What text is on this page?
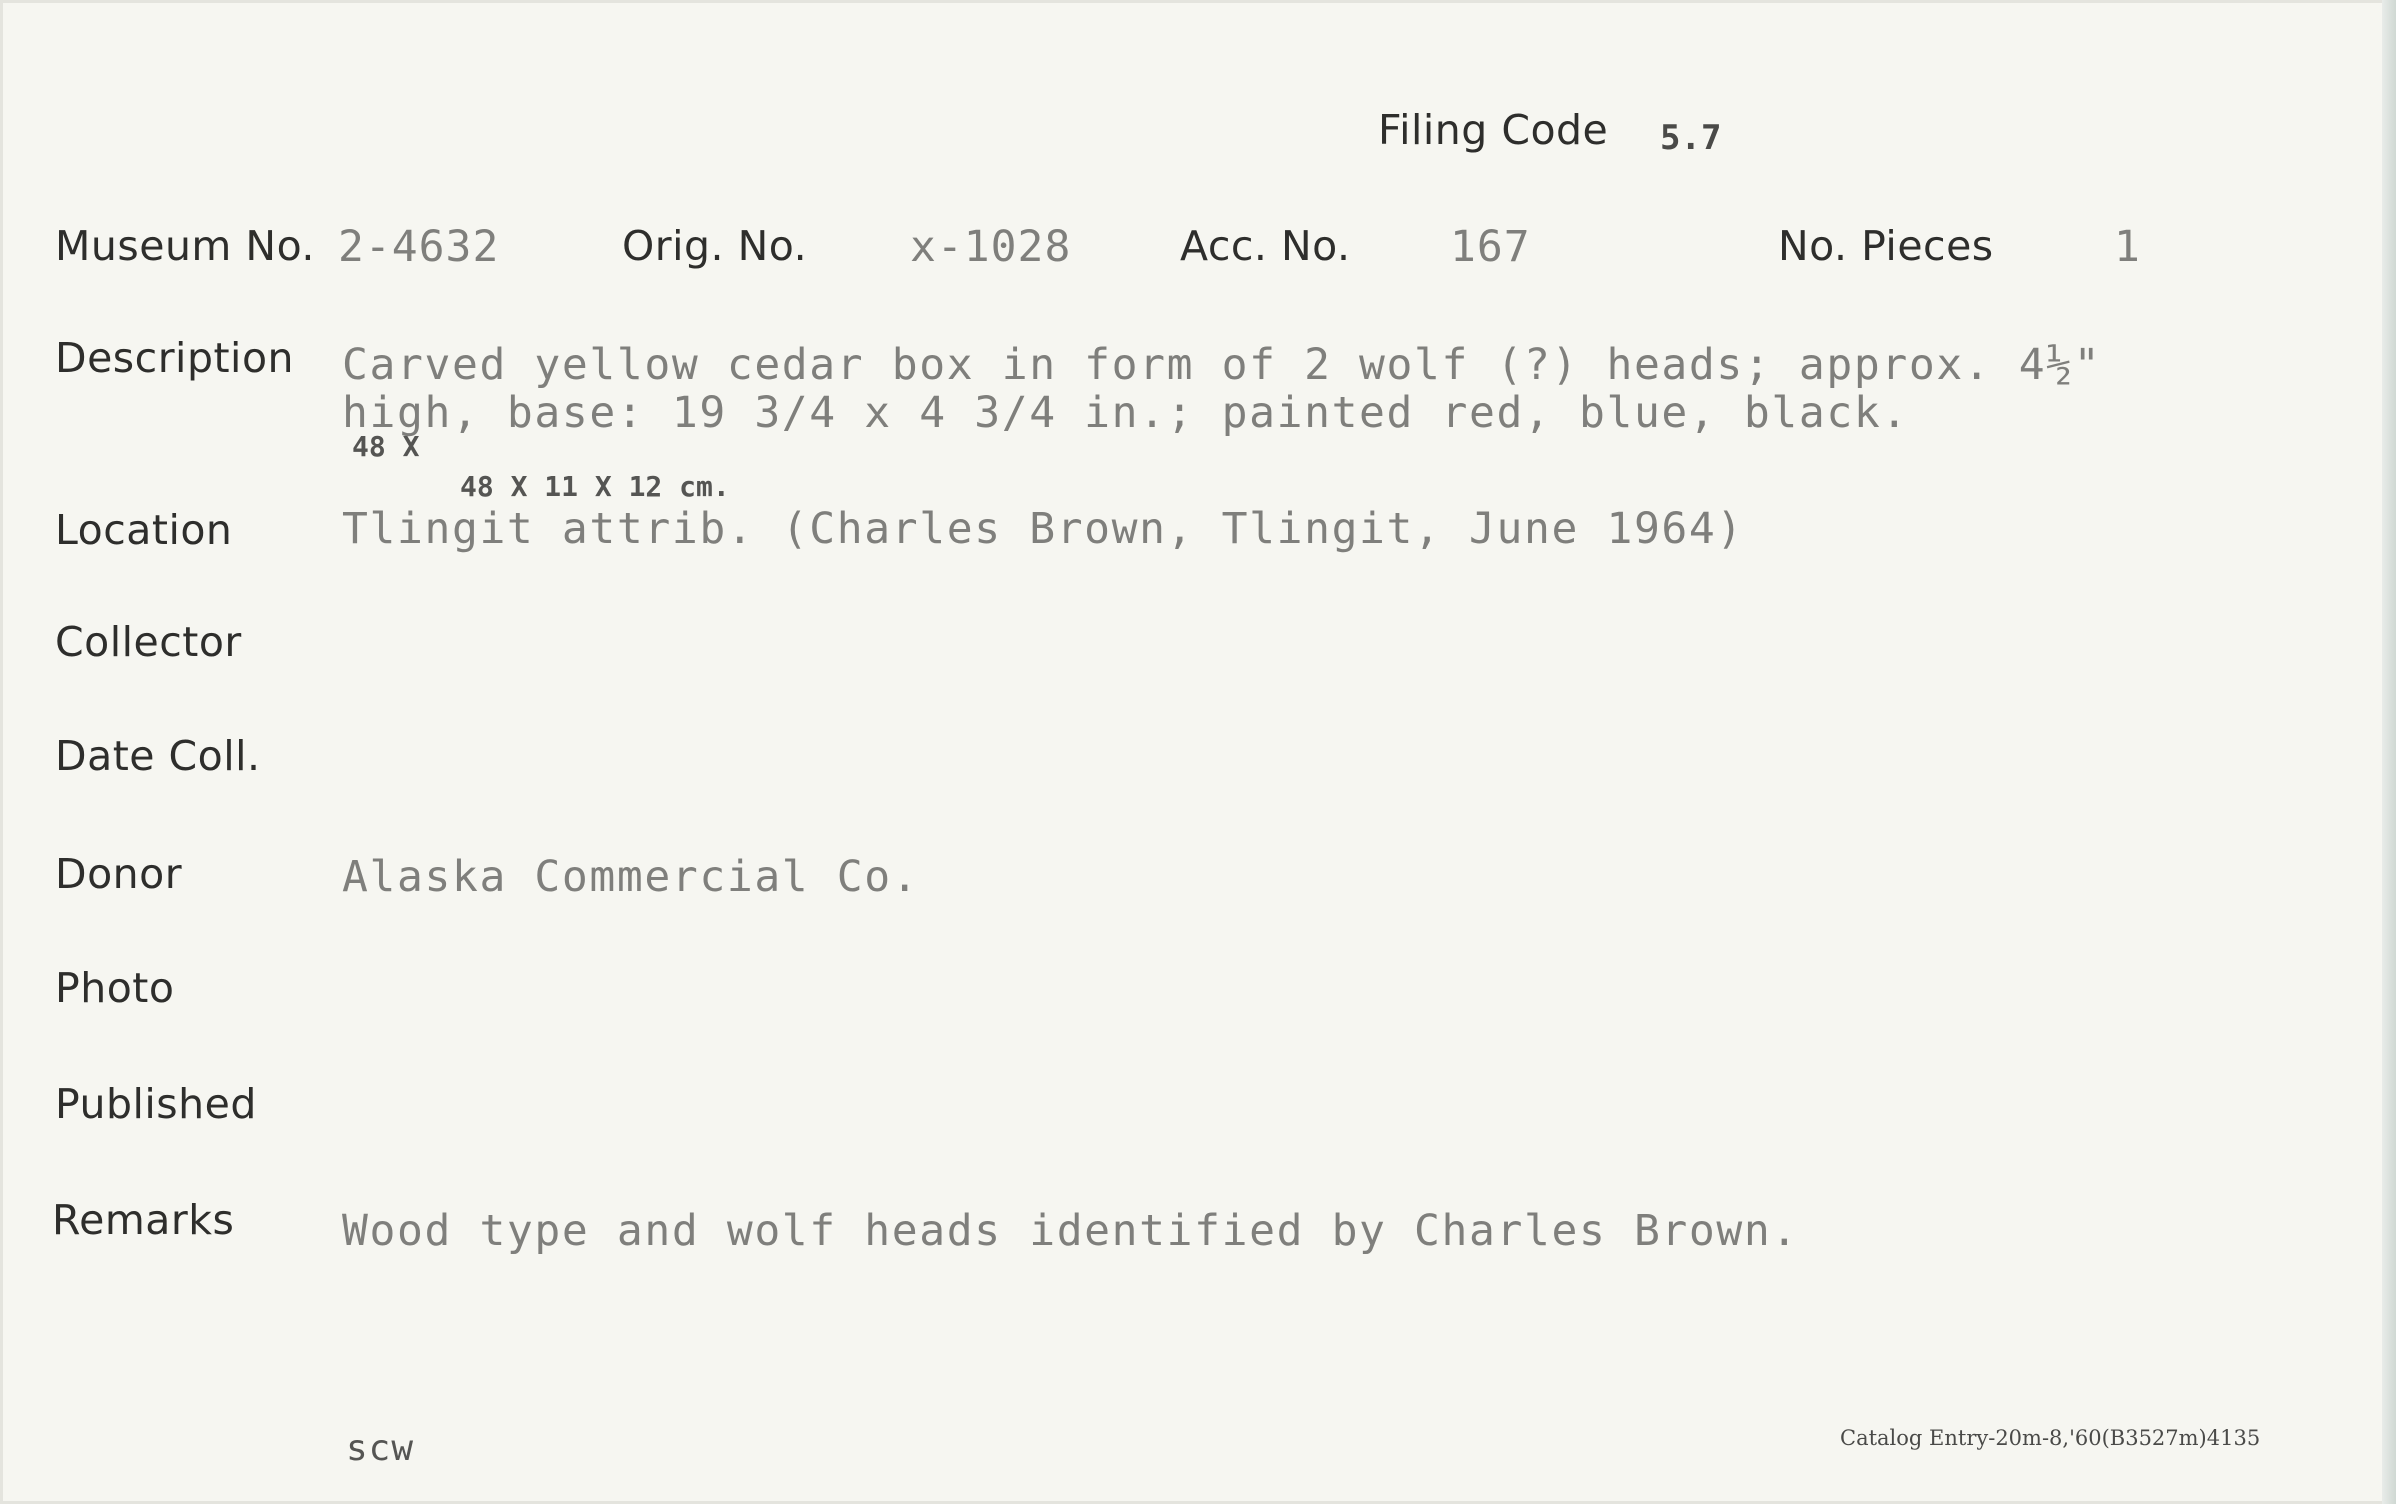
Filing Code 5.7
Museum No. 2-4632	Orig. No. x-1028	Acc. No. 167	No. Pieces	1
Description Carved yellow cedar box in form of 2 wolf (?) heads; approx. 4½"
high, base: 19 3/4 x 4 3/4 in.; painted red, blue, black.
48 X
48 X 11 X 12 cm.
Location	Tlingit attrib. (Charles Brown, Tlingit, June 1964)
Collector
Date Coll.
Donor	Alaska Commercial Co.
Photo
Published
Remarks	Wood type and wolf heads identified by Charles Brown.
scw	Catalog Entry-20m-8,'60(B3527m)4135
